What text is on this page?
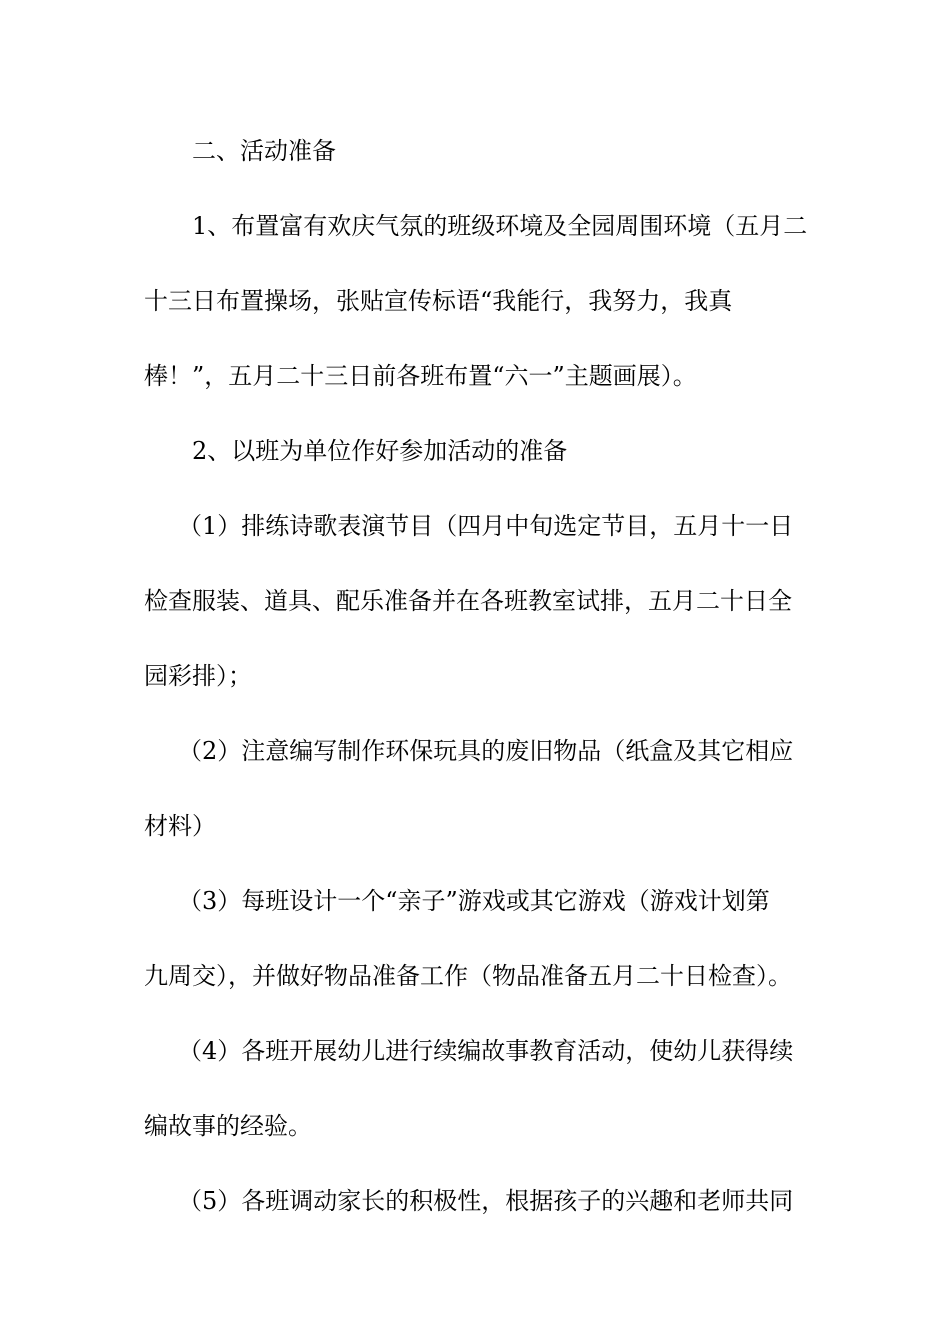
二、活动准备
1、布置富有欢庆气氛的班级环境及全园周围环境（五月二
十三日布置操场，张贴宣传标语“我能行，我努力，我真
棒！”，五月二十三日前各班布置“六一”主题画展）。
2、以班为单位作好参加活动的准备
（1）排练诗歌表演节目（四月中旬选定节目，五月十一日
检查服装、道具、配乐准备并在各班教室试排，五月二十日全
园彩排）；
（2）注意编写制作环保玩具的废旧物品（纸盒及其它相应
材料）
（3）每班设计一个“亲子”游戏或其它游戏（游戏计划第
九周交），并做好物品准备工作（物品准备五月二十日检查）。
（4）各班开展幼儿进行续编故事教育活动，使幼儿获得续
编故事的经验。
（5）各班调动家长的积极性，根据孩子的兴趣和老师共同
